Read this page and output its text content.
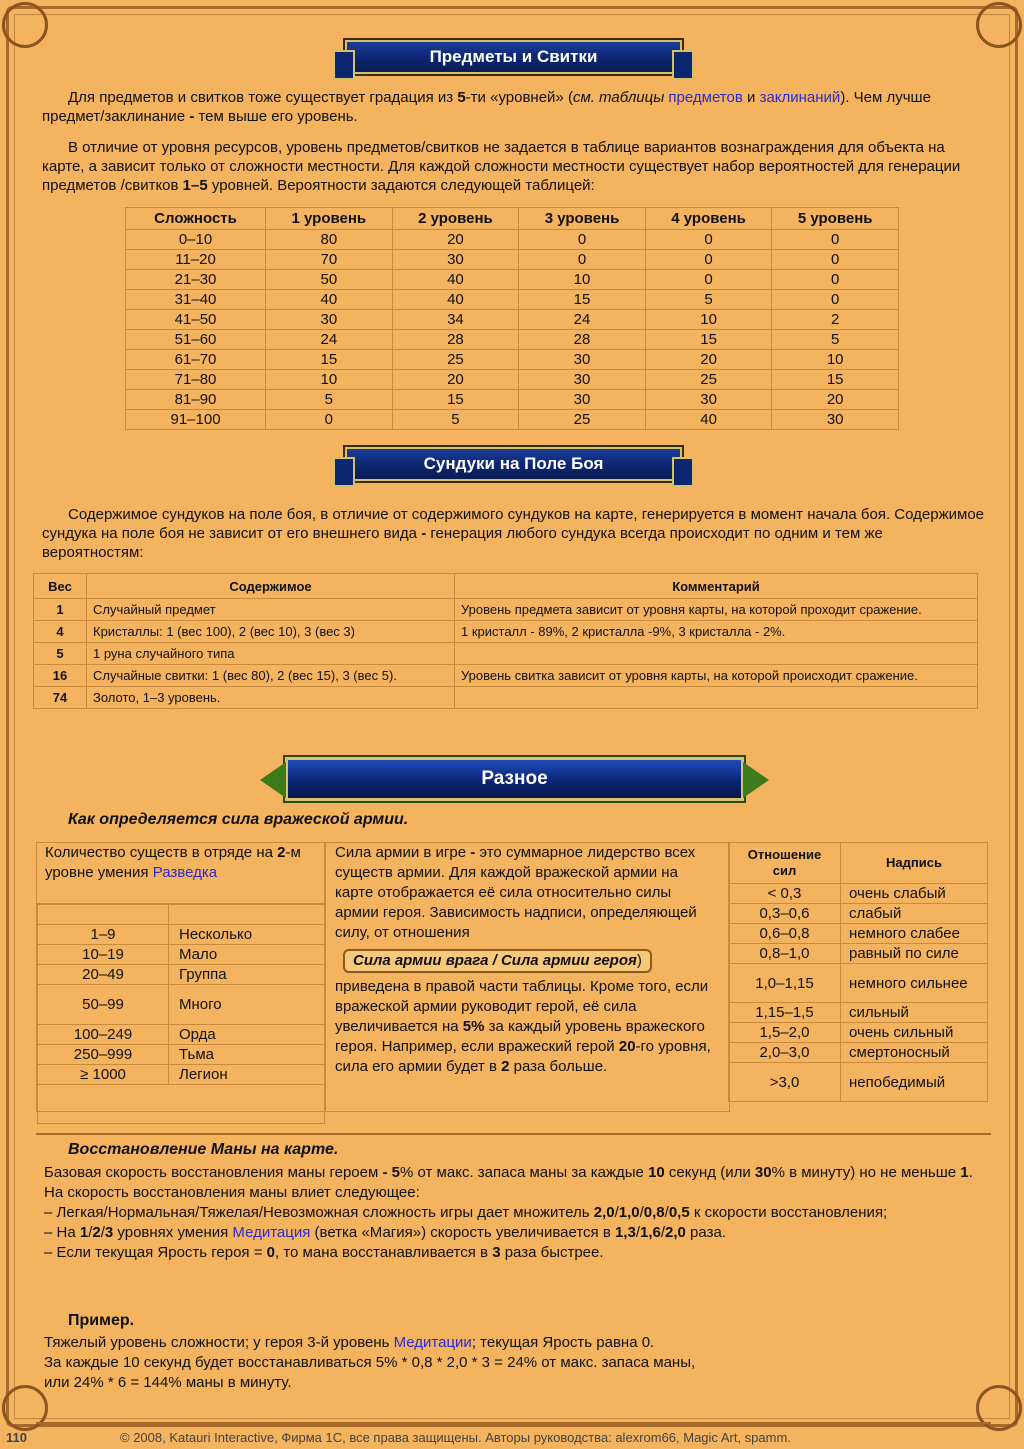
Предметы и Свитки

Для предметов и свитков тоже существует градация из 5-ти «уровней» (см. таблицы предметов и заклинаний). Чем лучше предмет/заклинание - тем выше его уровень.

В отличие от уровня ресурсов, уровень предметов/свитков не задается в таблице вариантов вознаграждения для объекта на карте, а зависит только от сложности местности. Для каждой сложности местности существует набор вероятностей для генерации предметов /свитков 1–5 уровней. Вероятности задаются следующей таблицей:

Сложность	1 уровень	2 уровень	3 уровень	4 уровень	5 уровень
0–10	80	20	0	0	0
11–20	70	30	0	0	0
21–30	50	40	10	0	0
31–40	40	40	15	5	0
41–50	30	34	24	10	2
51–60	24	28	28	15	5
61–70	15	25	30	20	10
71–80	10	20	30	25	15
81–90	5	15	30	30	20
91–100	0	5	25	40	30
Сундуки на Поле Боя

Содержимое сундуков на поле боя, в отличие от содержимого сундуков на карте, генерируется в момент начала боя. Содержимое сундука на поле боя не зависит от его внешнего вида - генерация любого сундука всегда происходит по одним и тем же вероятностям:

Вес	Содержимое	Комментарий
1	Случайный предмет	Уровень предмета зависит от уровня карты, на которой проходит сражение.
4	Кристаллы: 1 (вес 100), 2 (вес 10), 3 (вес 3)	1 кристалл - 89%, 2 кристалла -9%, 3 кристалла - 2%.
5	1 руна случайного типа	
16	Случайные свитки: 1 (вес 80), 2 (вес 15), 3 (вес 5).	Уровень свитка зависит от уровня карты, на которой происходит сражение.
74	Золото, 1–3 уровень.	
Разное
Как определяется сила вражеской армии.
Количество существ в отряде на 2-м уровне умения Разведка

1–9	Несколько
10–19	Мало
20–49	Группа
50–99	Много
100–249	Орда
250–999	Тьма
≥ 1000	Легион

Сила армии в игре - это суммарное лидерство всех существ армии. Для каждой вражеской армии на карте отображается её сила относительно силы армии героя. Зависимость надписи, определяющей силу, от отношения
Сила армии врага / Сила армии героя)
приведена в правой части таблицы. Кроме того, если вражеской армии руководит герой, её сила увеличивается на 5% за каждый уровень вражеского героя. Например, если вражеский герой 20-го уровня, сила его армии будет в 2 раза больше.
Отношение сил	Надпись
< 0,3	очень слабый
0,3–0,6	слабый
0,6–0,8	немного слабее
0,8–1,0	равный по силе
1,0–1,15	немного сильнее
1,15–1,5	сильный
1,5–2,0	очень сильный
2,0–3,0	смертоносный
>3,0	непобедимый
Восстановление Маны на карте.

Базовая скорость восстановления маны героем - 5% от макс. запаса маны за каждые 10 секунд (или 30% в минуту) но не меньше 1.
На скорость восстановления маны влиет следующее:
– Легкая/Нормальная/Тяжелая/Невозможная сложность игры дает множитель 2,0/1,0/0,8/0,5 к скорости восстановления;
– На 1/2/3 уровнях умения Медитация (ветка «Магия») скорость увеличивается в 1,3/1,6/2,0 раза.
– Если текущая Ярость героя = 0, то мана восстанавливается в 3 раза быстрее.

Пример.

Тяжелый уровень сложности; у героя 3-й уровень Медитации; текущая Ярость равна 0.
За каждые 10 секунд будет восстанавливаться 5% * 0,8 * 2,0 * 3 = 24% от макс. запаса маны,
или 24% * 6 = 144% маны в минуту.

110	© 2008, Katauri Interactive, Фирма 1С, все права защищены. Авторы руководства: alexrom66, Magic Art, spamm.
